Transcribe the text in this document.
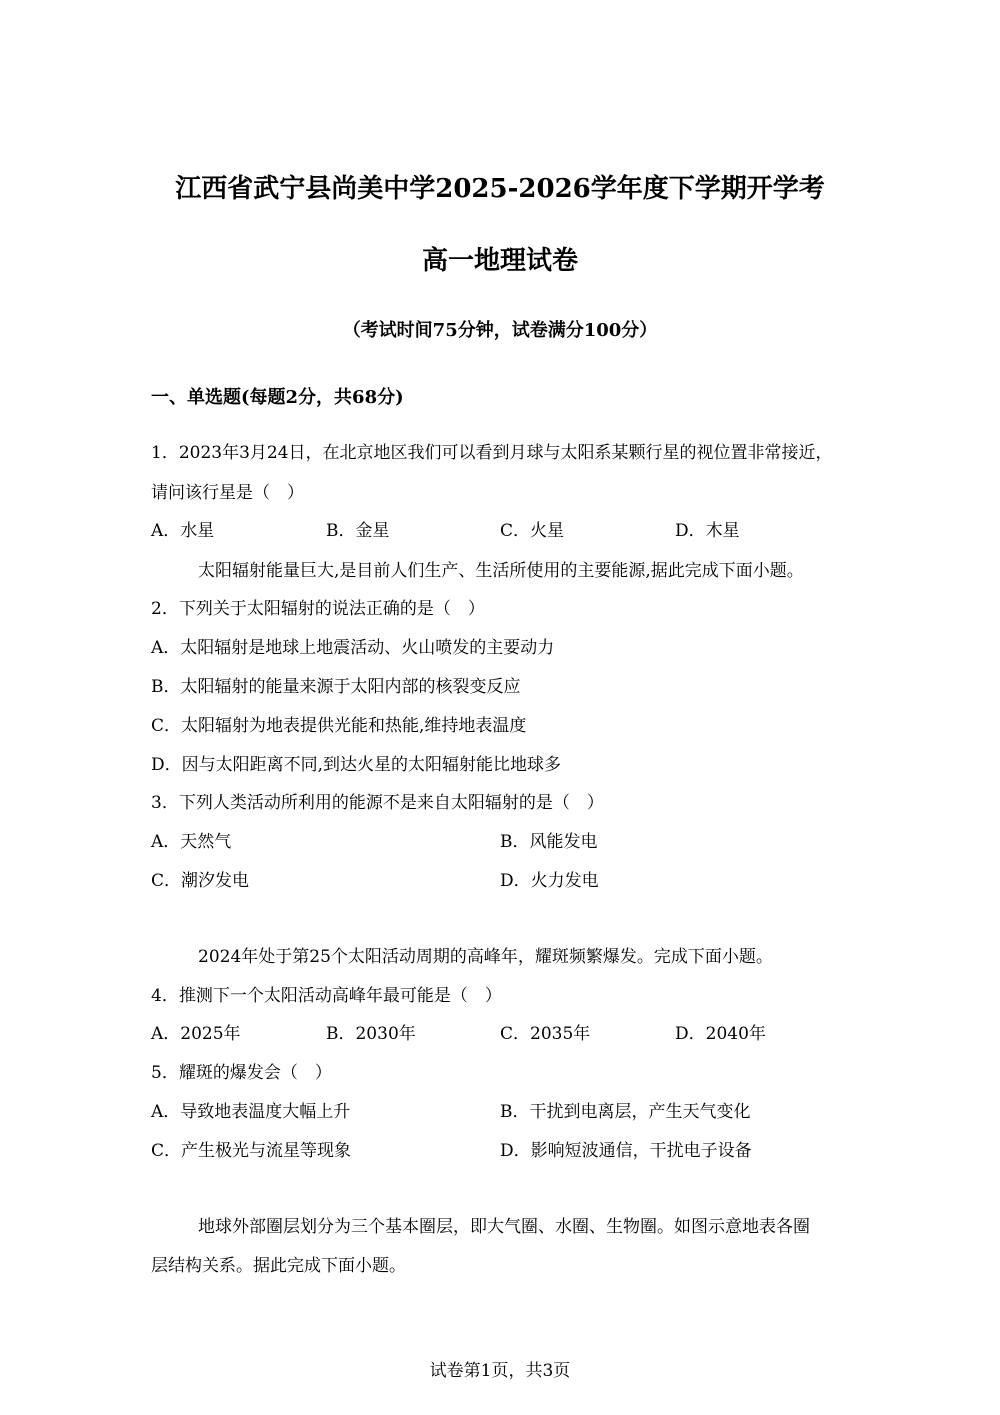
江西省武宁县尚美中学2025-2026学年度下学期开学考
高一地理试卷
（考试时间75分钟，试卷满分100分）
一、单选题(每题2分，共68分)
1．2023年3月24日，在北京地区我们可以看到月球与太阳系某颗行星的视位置非常接近，
请问该行星是（　）
A．水星	B．金星	C．火星	D．木星
太阳辐射能量巨大,是目前人们生产、生活所使用的主要能源,据此完成下面小题。
2．下列关于太阳辐射的说法正确的是（　）
A．太阳辐射是地球上地震活动、火山喷发的主要动力
B．太阳辐射的能量来源于太阳内部的核裂变反应
C．太阳辐射为地表提供光能和热能,维持地表温度
D．因与太阳距离不同,到达火星的太阳辐射能比地球多
3．下列人类活动所利用的能源不是来自太阳辐射的是（　）
A．天然气	B．风能发电
C．潮汐发电	D．火力发电
2024年处于第25个太阳活动周期的高峰年，耀斑频繁爆发。完成下面小题。
4．推测下一个太阳活动高峰年最可能是（　）
A．2025年	B．2030年	C．2035年	D．2040年
5．耀斑的爆发会（　）
A．导致地表温度大幅上升	B．干扰到电离层，产生天气变化
C．产生极光与流星等现象	D．影响短波通信，干扰电子设备
地球外部圈层划分为三个基本圈层，即大气圈、水圈、生物圈。如图示意地表各圈
层结构关系。据此完成下面小题。
试卷第1页，共3页
